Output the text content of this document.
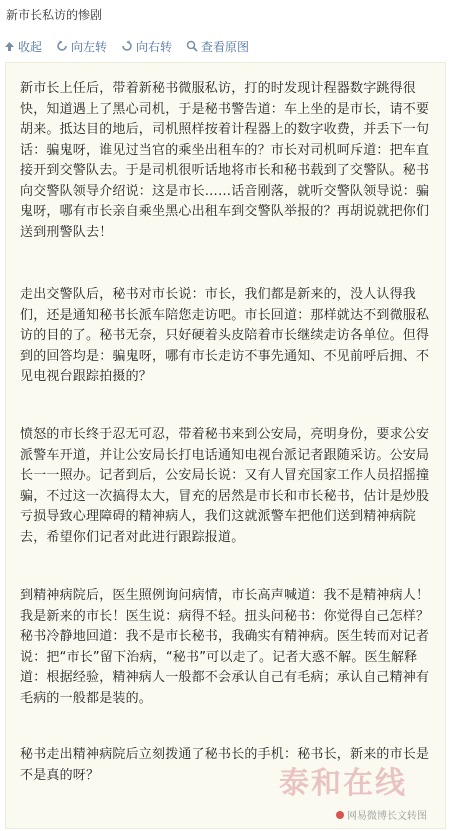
新市长私访的惨剧
收起 向左转 向右转 查看原图

新市长上任后，带着新秘书微服私访，打的时发现计程器数字跳得很快，知道遇上了黑心司机，于是秘书警告道：车上坐的是市长，请不要胡来。抵达目的地后，司机照样按着计程器上的数字收费，并丢下一句话：骗鬼呀，谁见过当官的乘坐出租车的？市长对司机呵斥道：把车直接开到交警队去。于是司机很听话地将市长和秘书载到了交警队。秘书向交警队领导介绍说：这是市长……话音刚落，就听交警队领导说：骗鬼呀，哪有市长亲自乘坐黑心出租车到交警队举报的？再胡说就把你们送到刑警队去！

走出交警队后，秘书对市长说：市长，我们都是新来的，没人认得我们，还是通知秘书长派车陪您走访吧。市长回道：那样就达不到微服私访的目的了。秘书无奈，只好硬着头皮陪着市长继续走访各单位。但得到的回答均是：骗鬼呀，哪有市长走访不事先通知、不见前呼后拥、不见电视台跟踪拍摄的？

愤怒的市长终于忍无可忍，带着秘书来到公安局，亮明身份，要求公安派警车开道，并让公安局长打电话通知电视台派记者跟随采访。公安局长一一照办。记者到后，公安局长说：又有人冒充国家工作人员招摇撞骗，不过这一次搞得太大，冒充的居然是市长和市长秘书，估计是炒股亏损导致心理障碍的精神病人，我们这就派警车把他们送到精神病院去，希望你们记者对此进行跟踪报道。

到精神病院后，医生照例询问病情，市长高声喊道：我不是精神病人！我是新来的市长！医生说：病得不轻。扭头问秘书：你觉得自己怎样？秘书冷静地回道：我不是市长秘书，我确实有精神病。医生转而对记者说：把“市长”留下治病，“秘书”可以走了。记者大惑不解。医生解释道：根据经验，精神病人一般都不会承认自己有毛病；承认自己精神有毛病的一般都是装的。

秘书走出精神病院后立刻拨通了秘书长的手机：秘书长，新来的市长是不是真的呀？	泰和在线
网易微博长文转图
